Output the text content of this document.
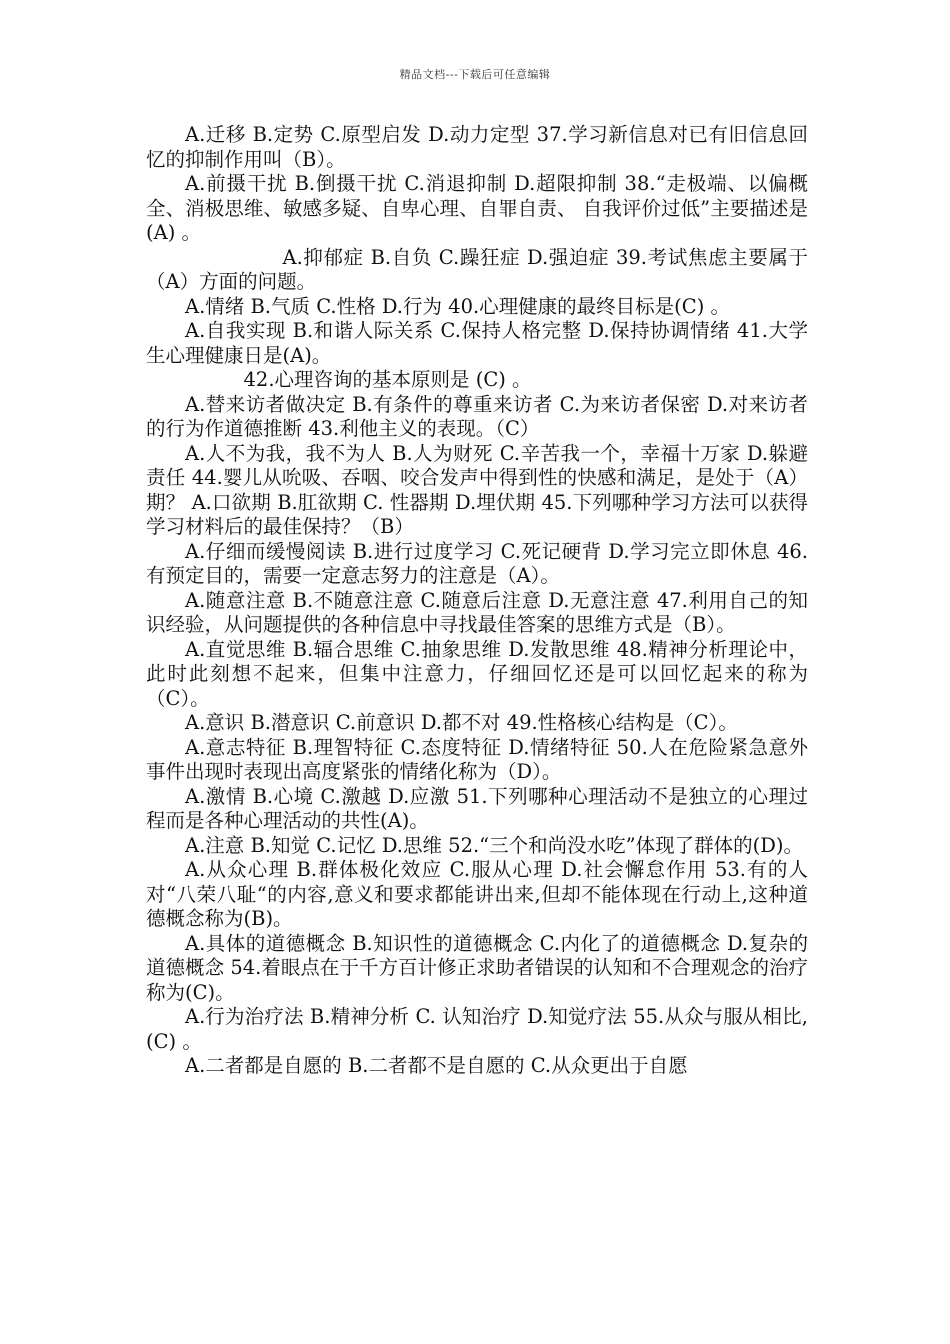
精品文档---下载后可任意编辑

A.迁移 B.定势 C.原型启发 D.动力定型 37.学习新信息对已有旧信息回忆的抑制作用叫（B）。

A.前摄干扰 B.倒摄干扰 C.消退抑制 D.超限抑制 38.“走极端、以偏概全、消极思维、敏感多疑、自卑心理、自罪自责、 自我评价过低”主要描述是(A) 。

A.抑郁症 B.自负 C.躁狂症 D.强迫症 39.考试焦虑主要属于（A）方面的问题。

A.情绪 B.气质 C.性格 D.行为 40.心理健康的最终目标是(C) 。

A.自我实现 B.和谐人际关系 C.保持人格完整 D.保持协调情绪 41.大学生心理健康日是(A)。

42.心理咨询的基本原则是 (C) 。

A.替来访者做决定 B.有条件的尊重来访者 C.为来访者保密 D.对来访者的行为作道德推断 43.利他主义的表现。（C）

A.人不为我，我不为人 B.人为财死 C.辛苦我一个，幸福十万家 D.躲避责任 44.婴儿从吮吸、吞咽、咬合发声中得到性的快感和满足，是处于（A）期？ A.口欲期 B.肛欲期 C. 性器期 D.埋伏期 45.下列哪种学习方法可以获得学习材料后的最佳保持？（B）

A.仔细而缓慢阅读 B.进行过度学习 C.死记硬背 D.学习完立即休息 46.有预定目的，需要一定意志努力的注意是（A）。

A.随意注意 B.不随意注意 C.随意后注意 D.无意注意 47.利用自己的知识经验，从问题提供的各种信息中寻找最佳答案的思维方式是（B）。

A.直觉思维 B.辐合思维 C.抽象思维 D.发散思维 48.精神分析理论中，此时此刻想不起来，但集中注意力，仔细回忆还是可以回忆起来的称为（C）。

A.意识 B.潜意识 C.前意识 D.都不对 49.性格核心结构是（C）。

A.意志特征 B.理智特征 C.态度特征 D.情绪特征 50.人在危险紧急意外事件出现时表现出高度紧张的情绪化称为（D）。

A.激情 B.心境 C.激越 D.应激 51.下列哪种心理活动不是独立的心理过程而是各种心理活动的共性(A)。

A.注意 B.知觉 C.记忆 D.思维 52.“三个和尚没水吃”体现了群体的(D)。

A.从众心理 B.群体极化效应 C.服从心理 D.社会懈怠作用 53.有的人对“八荣八耻“的内容,意义和要求都能讲出来,但却不能体现在行动上,这种道德概念称为(B)。

A.具体的道德概念 B.知识性的道德概念 C.内化了的道德概念 D.复杂的道德概念 54.着眼点在于千方百计修正求助者错误的认知和不合理观念的治疗称为(C)。

A.行为治疗法 B.精神分析 C. 认知治疗 D.知觉疗法 55.从众与服从相比,(C) 。

A.二者都是自愿的 B.二者都不是自愿的 C.从众更出于自愿
